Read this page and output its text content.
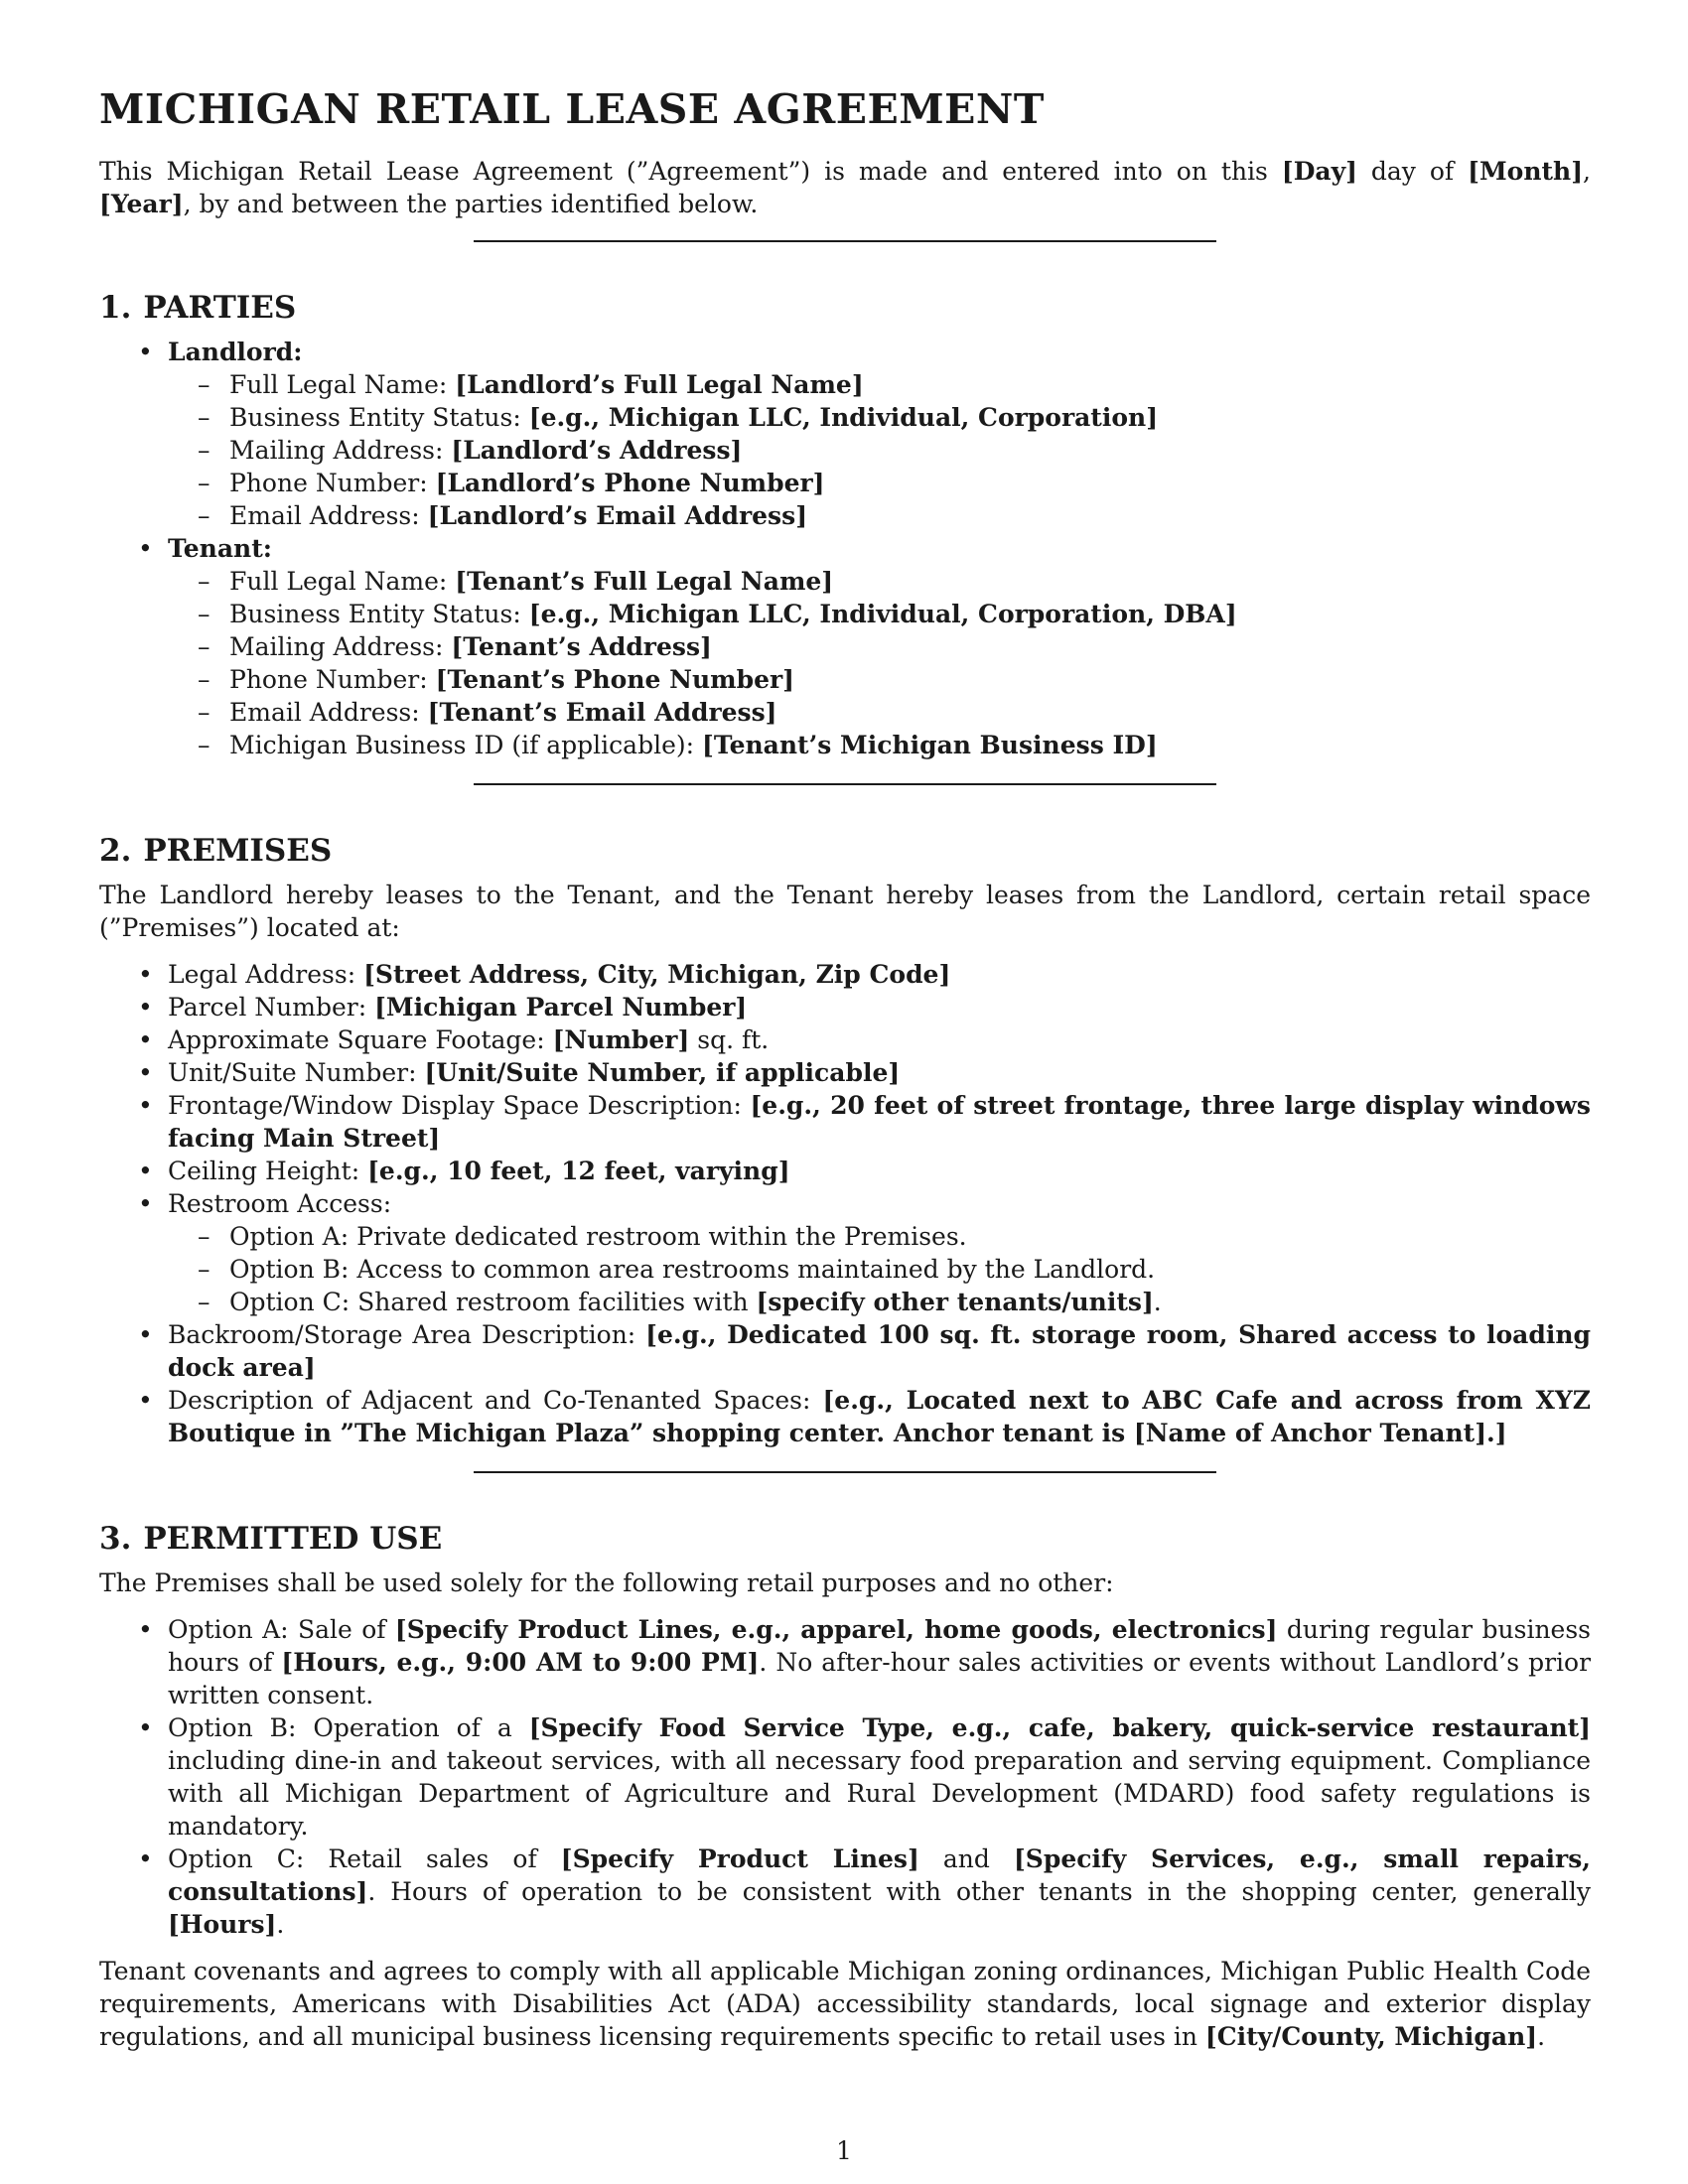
MICHIGAN RETAIL LEASE AGREEMENT

This Michigan Retail Lease Agreement (”Agreement”) is made and entered into on this [Day] day of [Month], [Year], by and between the parties identified below.

1. PARTIES
• Landlord:
– Full Legal Name: [Landlord’s Full Legal Name]
– Business Entity Status: [e.g., Michigan LLC, Individual, Corporation]
– Mailing Address: [Landlord’s Address]
– Phone Number: [Landlord’s Phone Number]
– Email Address: [Landlord’s Email Address]
• Tenant:
– Full Legal Name: [Tenant’s Full Legal Name]
– Business Entity Status: [e.g., Michigan LLC, Individual, Corporation, DBA]
– Mailing Address: [Tenant’s Address]
– Phone Number: [Tenant’s Phone Number]
– Email Address: [Tenant’s Email Address]
– Michigan Business ID (if applicable): [Tenant’s Michigan Business ID]
2. PREMISES

The Landlord hereby leases to the Tenant, and the Tenant hereby leases from the Landlord, certain retail space (”Premises”) located at:

• Legal Address: [Street Address, City, Michigan, Zip Code]
• Parcel Number: [Michigan Parcel Number]
• Approximate Square Footage: [Number] sq. ft.
• Unit/Suite Number: [Unit/Suite Number, if applicable]
• Frontage/Window Display Space Description: [e.g., 20 feet of street frontage, three large display windows facing Main Street]
• Ceiling Height: [e.g., 10 feet, 12 feet, varying]
• Restroom Access:
– Option A: Private dedicated restroom within the Premises.
– Option B: Access to common area restrooms maintained by the Landlord.
– Option C: Shared restroom facilities with [specify other tenants/units].
• Backroom/Storage Area Description: [e.g., Dedicated 100 sq. ft. storage room, Shared access to loading dock area]
• Description of Adjacent and Co-Tenanted Spaces: [e.g., Located next to ABC Cafe and across from XYZ Boutique in ”The Michigan Plaza” shopping center. Anchor tenant is [Name of Anchor Tenant].]
3. PERMITTED USE

The Premises shall be used solely for the following retail purposes and no other:

• Option A: Sale of [Specify Product Lines, e.g., apparel, home goods, electronics] during regular business hours of [Hours, e.g., 9:00 AM to 9:00 PM]. No after-hour sales activities or events without Landlord’s prior written consent.
• Option B: Operation of a [Specify Food Service Type, e.g., cafe, bakery, quick-service restaurant] including dine-in and takeout services, with all necessary food preparation and serving equipment. Compliance with all Michigan Department of Agriculture and Rural Development (MDARD) food safety regulations is mandatory.
• Option C: Retail sales of [Specify Product Lines] and [Specify Services, e.g., small repairs, consultations]. Hours of operation to be consistent with other tenants in the shopping center, generally [Hours].

Tenant covenants and agrees to comply with all applicable Michigan zoning ordinances, Michigan Public Health Code requirements, Americans with Disabilities Act (ADA) accessibility standards, local signage and exterior display regulations, and all municipal business licensing requirements specific to retail uses in [City/County, Michigan].

1
